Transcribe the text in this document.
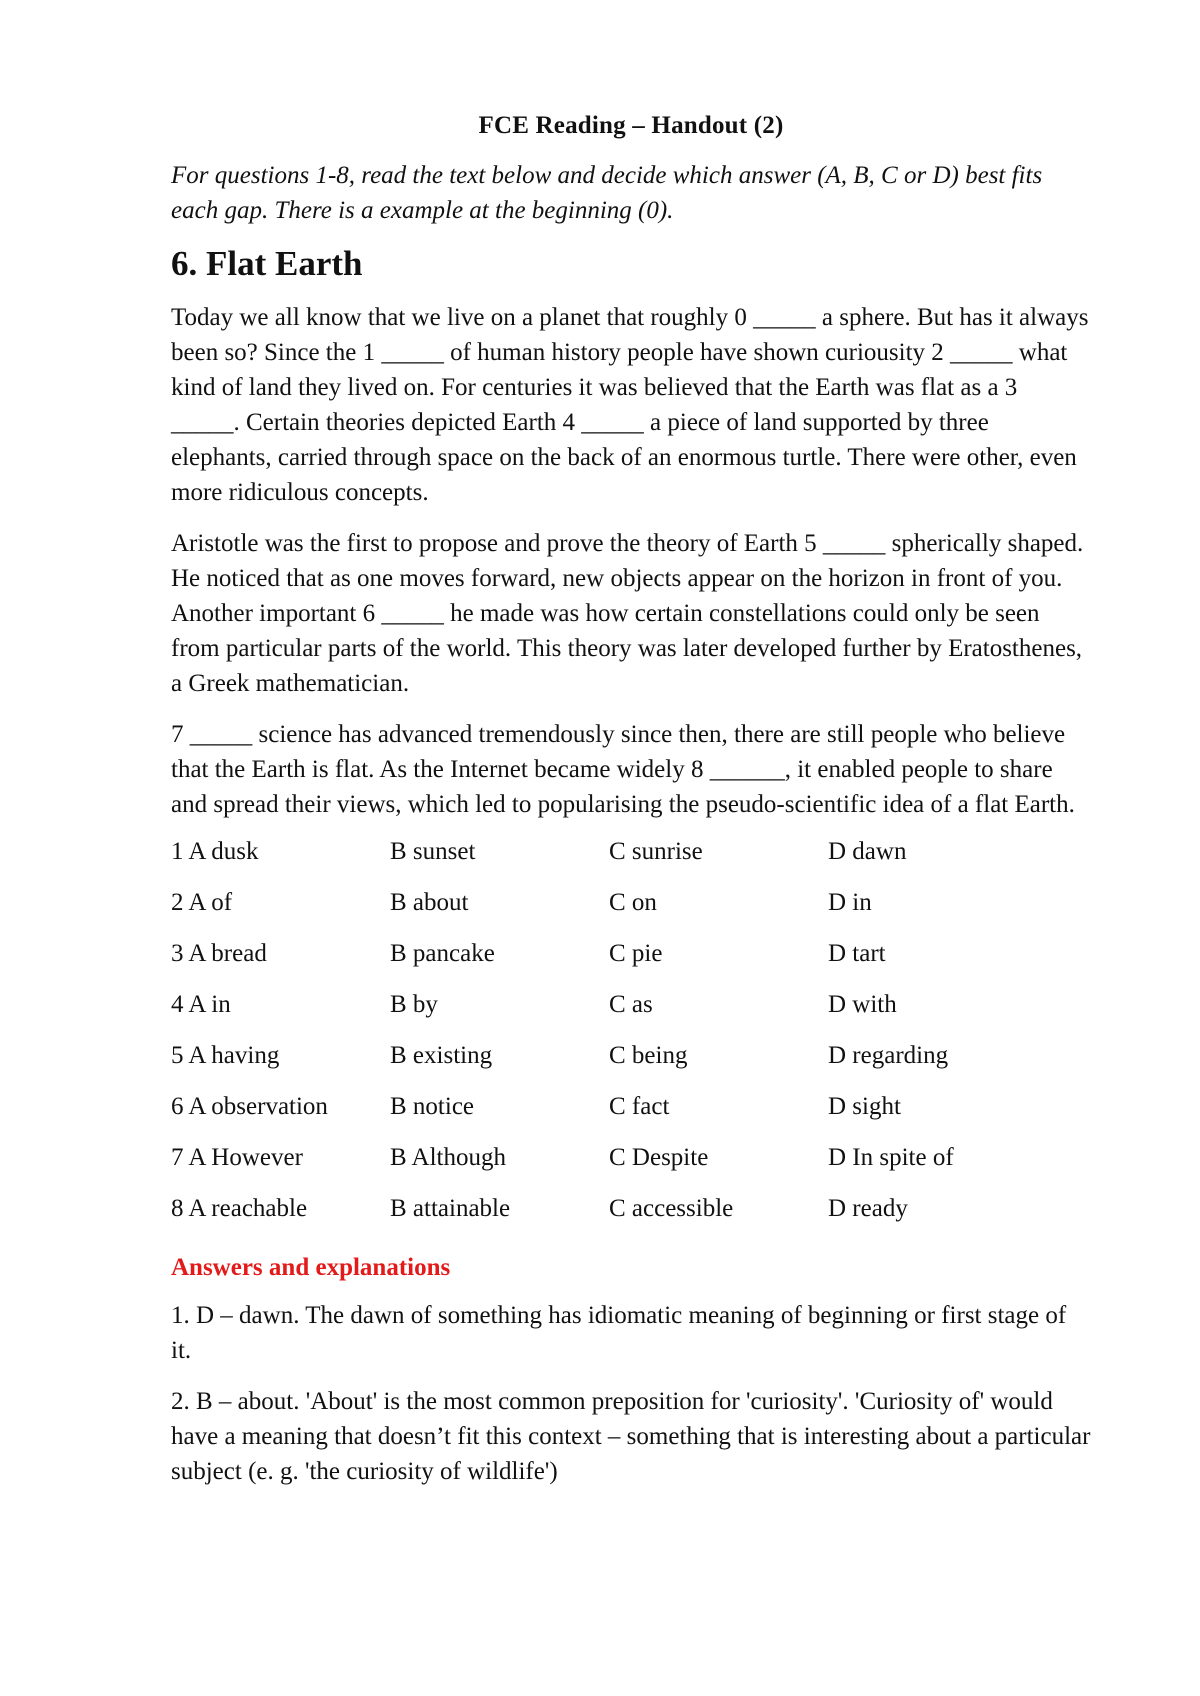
FCE Reading – Handout (2)
For questions 1-8, read the text below and decide which answer (A, B, C or D) best fits each gap. There is a example at the beginning (0).
6. Flat Earth

Today we all know that we live on a planet that roughly 0 _____ a sphere. But has it always been so? Since the 1 _____ of human history people have shown curiousity 2 _____ what kind of land they lived on. For centuries it was believed that the Earth was flat as a 3 _____. Certain theories depicted Earth 4 _____ a piece of land supported by three elephants, carried through space on the back of an enormous turtle. There were other, even more ridiculous concepts.

Aristotle was the first to propose and prove the theory of Earth 5 _____ spherically shaped. He noticed that as one moves forward, new objects appear on the horizon in front of you. Another important 6 _____ he made was how certain constellations could only be seen from particular parts of the world. This theory was later developed further by Eratosthenes, a Greek mathematician.

7 _____ science has advanced tremendously since then, there are still people who believe that the Earth is flat. As the Internet became widely 8 ______, it enabled people to share and spread their views, which led to popularising the pseudo-scientific idea of a flat Earth.

1 A dusk	B sunset	C sunrise	D dawn
2 A of	B about	C on	D in
3 A bread	B pancake	C pie	D tart
4 A in	B by	C as	D with
5 A having	B existing	C being	D regarding
6 A observation	B notice	C fact	D sight
7 A However	B Although	C Despite	D In spite of
8 A reachable	B attainable	C accessible	D ready
Answers and explanations

1. D – dawn. The dawn of something has idiomatic meaning of beginning or first stage of it.

2. B – about. 'About' is the most common preposition for 'curiosity'. 'Curiosity of' would have a meaning that doesn’t fit this context – something that is interesting about a particular subject (e. g. 'the curiosity of wildlife')
